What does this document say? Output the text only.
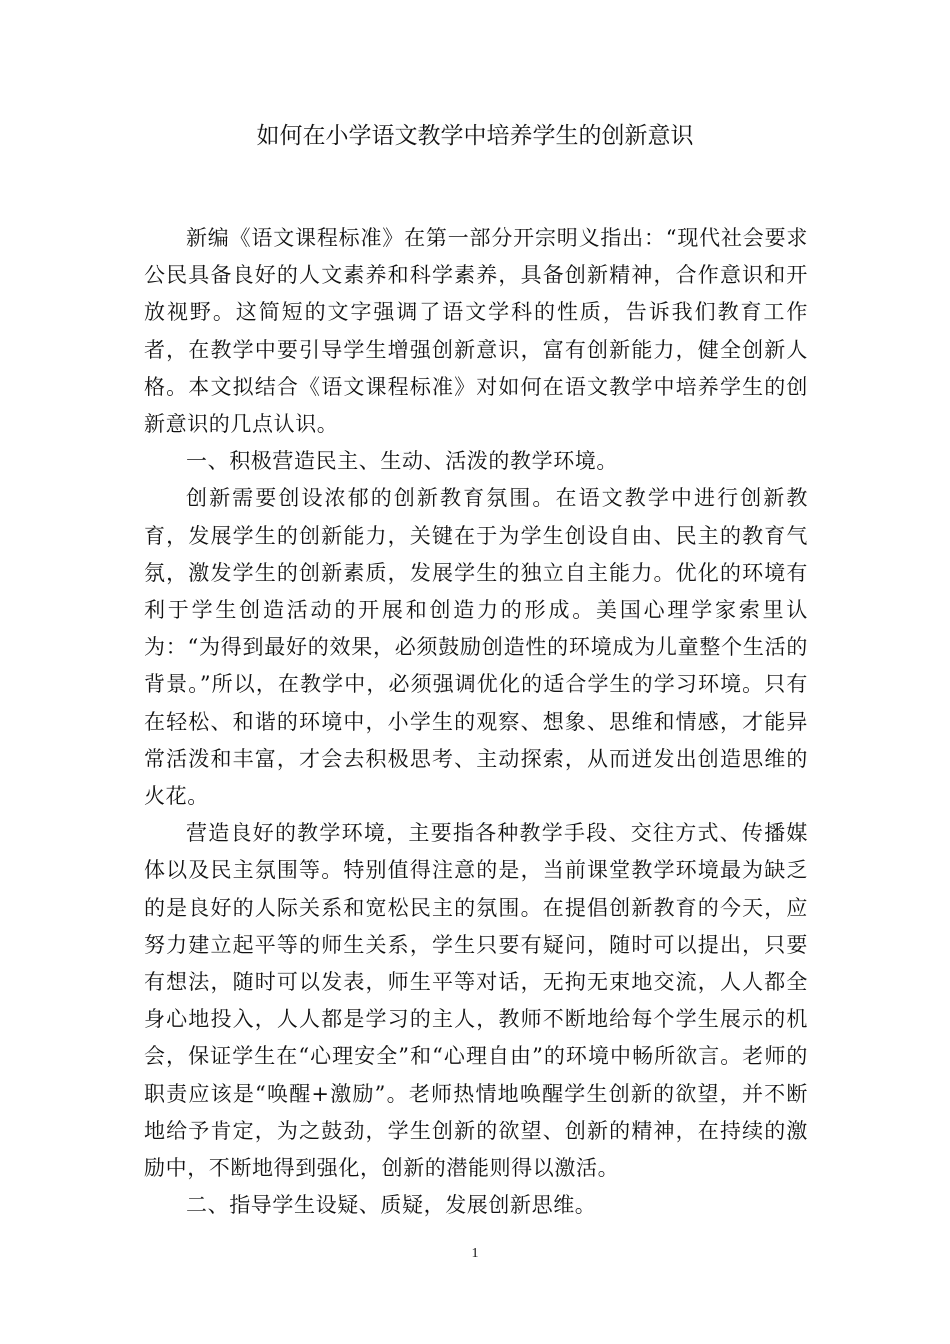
如何在小学语文教学中培养学生的创新意识

新编《语文课程标准》在第一部分开宗明义指出：“现代社会要求公民具备良好的人文素养和科学素养，具备创新精神，合作意识和开放视野。这简短的文字强调了语文学科的性质，告诉我们教育工作者，在教学中要引导学生增强创新意识，富有创新能力，健全创新人格。本文拟结合《语文课程标准》对如何在语文教学中培养学生的创新意识的几点认识。

一、积极营造民主、生动、活泼的教学环境。

创新需要创设浓郁的创新教育氛围。在语文教学中进行创新教育，发展学生的创新能力，关键在于为学生创设自由、民主的教育气氛，激发学生的创新素质，发展学生的独立自主能力。优化的环境有利于学生创造活动的开展和创造力的形成。美国心理学家索里认为：“为得到最好的效果，必须鼓励创造性的环境成为儿童整个生活的背景。”所以，在教学中，必须强调优化的适合学生的学习环境。只有在轻松、和谐的环境中，小学生的观察、想象、思维和情感，才能异常活泼和丰富，才会去积极思考、主动探索，从而迸发出创造思维的火花。

营造良好的教学环境，主要指各种教学手段、交往方式、传播媒体以及民主氛围等。特别值得注意的是，当前课堂教学环境最为缺乏的是良好的人际关系和宽松民主的氛围。在提倡创新教育的今天，应努力建立起平等的师生关系，学生只要有疑问，随时可以提出，只要有想法，随时可以发表，师生平等对话，无拘无束地交流，人人都全身心地投入，人人都是学习的主人，教师不断地给每个学生展示的机会，保证学生在“心理安全”和“心理自由”的环境中畅所欲言。老师的职责应该是“唤醒+激励”。老师热情地唤醒学生创新的欲望，并不断地给予肯定，为之鼓劲，学生创新的欲望、创新的精神，在持续的激励中，不断地得到强化，创新的潜能则得以激活。

二、指导学生设疑、质疑，发展创新思维。

1
